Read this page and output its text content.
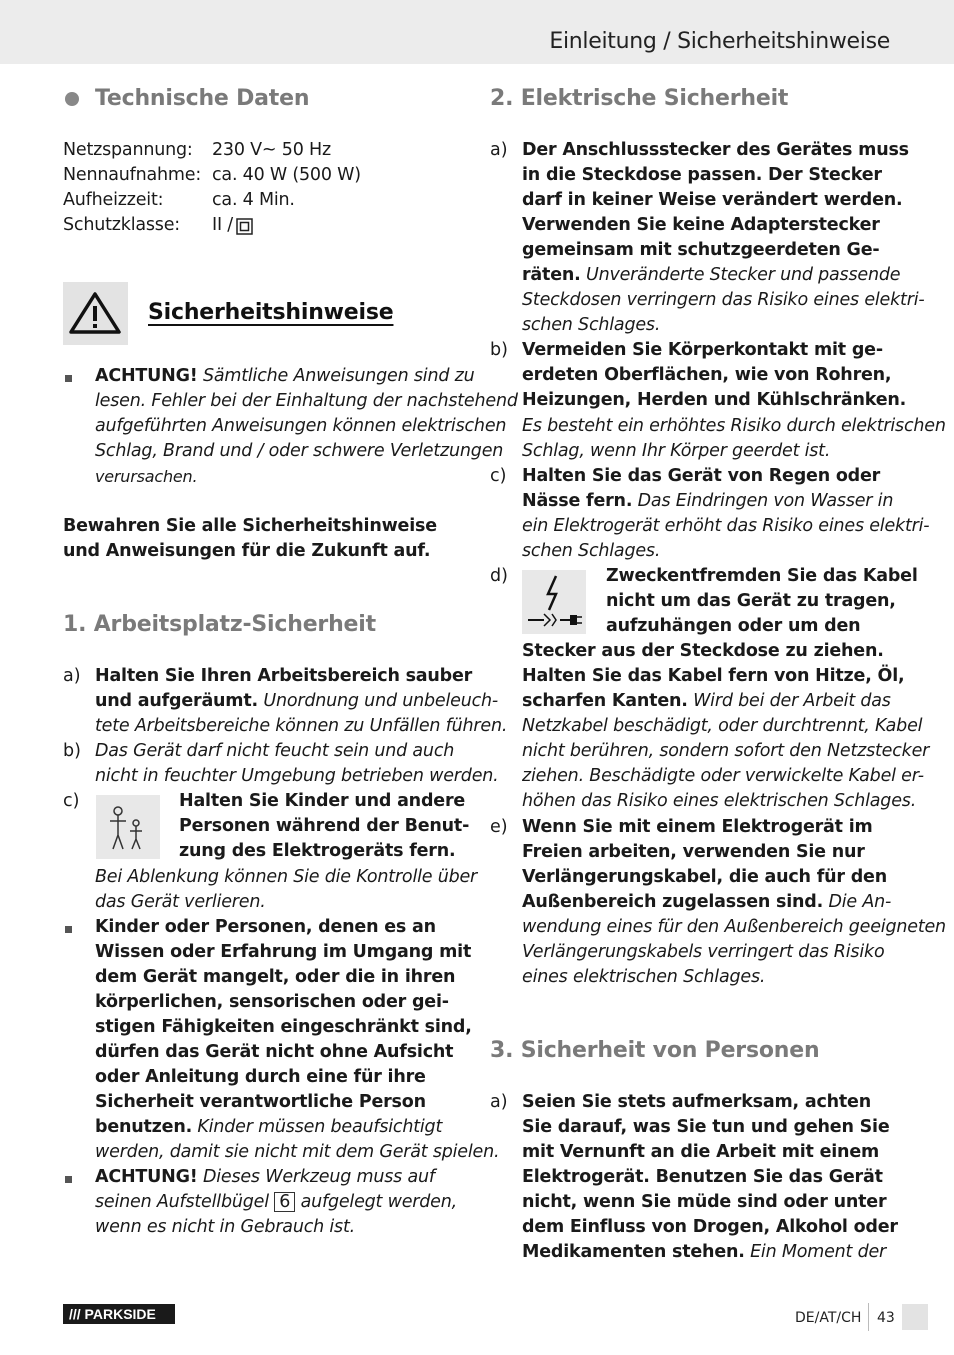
Einleitung / Sicherheitshinweise
Technische Daten
Netzspannung: 230 V~ 50 Hz
Nennaufnahme: ca. 40 W (500 W)
Aufheizzeit:	ca. 4 Min.
Schutzklasse: II /
Sicherheitshinweise
ACHTUNG! Sämtliche Anweisungen sind zu
lesen. Fehler bei der Einhaltung der nachstehend
aufgeführten Anweisungen können elektrischen
Schlag, Brand und / oder schwere Verletzungen
verursachen.
Bewahren Sie alle Sicherheitshinweise
und Anweisungen für die Zukunft auf.
1. Arbeitsplatz-Sicherheit
a) Halten Sie Ihren Arbeitsbereich sauber
und aufgeräumt. Unordnung und unbeleuch-
tete Arbeitsbereiche können zu Unfällen führen.
b) Das Gerät darf nicht feucht sein und auch
nicht in feuchter Umgebung betrieben werden.
c)	Halten Sie Kinder und andere
Personen während der Benut-
zung des Elektrogeräts fern.
Bei Ablenkung können Sie die Kontrolle über
das Gerät verlieren.
Kinder oder Personen, denen es an
Wissen oder Erfahrung im Umgang mit
dem Gerät mangelt, oder die in ihren
körperlichen, sensorischen oder gei-
stigen Fähigkeiten eingeschränkt sind,
dürfen das Gerät nicht ohne Aufsicht
oder Anleitung durch eine für ihre
Sicherheit verantwortliche Person
benutzen. Kinder müssen beaufsichtigt
werden, damit sie nicht mit dem Gerät spielen.
ACHTUNG! Dieses Werkzeug muss auf
seinen Aufstellbügel 6 aufgelegt werden,
wenn es nicht in Gebrauch ist.
2. Elektrische Sicherheit
a) Der Anschlussstecker des Gerätes muss
in die Steckdose passen. Der Stecker
darf in keiner Weise verändert werden.
Verwenden Sie keine Adapterstecker
gemeinsam mit schutzgeerdeten Ge-
räten. Unveränderte Stecker und passende
Steckdosen verringern das Risiko eines elektri-
schen Schlages.
b) Vermeiden Sie Körperkontakt mit ge-
erdeten Oberflächen, wie von Rohren,
Heizungen, Herden und Kühlschränken.
Es besteht ein erhöhtes Risiko durch elektrischen
Schlag, wenn Ihr Körper geerdet ist.
c) Halten Sie das Gerät von Regen oder
Nässe fern. Das Eindringen von Wasser in
ein Elektrogerät erhöht das Risiko eines elektri-
schen Schlages.
d)	Zweckentfremden Sie das Kabel
nicht um das Gerät zu tragen,
aufzuhängen oder um den
Stecker aus der Steckdose zu ziehen.
Halten Sie das Kabel fern von Hitze, Öl,
scharfen Kanten. Wird bei der Arbeit das
Netzkabel beschädigt, oder durchtrennt, Kabel
nicht berühren, sondern sofort den Netzstecker
ziehen. Beschädigte oder verwickelte Kabel er-
höhen das Risiko eines elektrischen Schlages.
e) Wenn Sie mit einem Elektrogerät im
Freien arbeiten, verwenden Sie nur
Verlängerungskabel, die auch für den
Außenbereich zugelassen sind. Die An-
wendung eines für den Außenbereich geeigneten
Verlängerungskabels verringert das Risiko
eines elektrischen Schlages.
3. Sicherheit von Personen
a) Seien Sie stets aufmerksam, achten
Sie darauf, was Sie tun und gehen Sie
mit Vernunft an die Arbeit mit einem
Elektrogerät. Benutzen Sie das Gerät
nicht, wenn Sie müde sind oder unter
dem Einfluss von Drogen, Alkohol oder
Medikamenten stehen. Ein Moment der
/// PARKSIDE	DE/AT/CH 43
